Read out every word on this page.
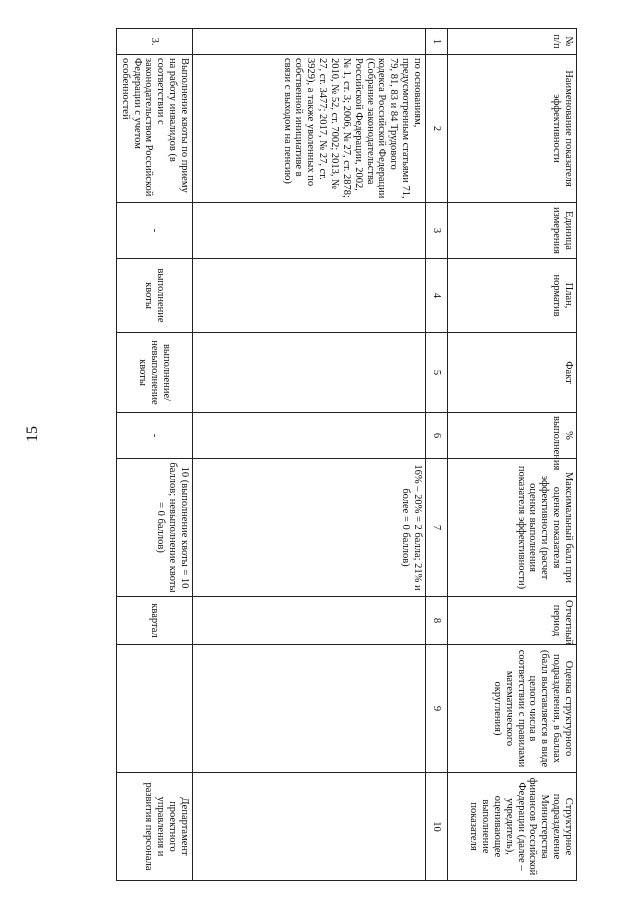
15
№ п/п	Наименование показателя эффективности	Единица измерения	План, норматив	Факт	% выполнения	Максимальный балл при оценке показателя эффективности (расчет оценки выполнения показателя эффективности)	Отчетный период	Оценка структурного подразделения, в баллах (балл выставляется в виде целого числа в соответствии с правилами математического округления)	Структурное подразделение Министерства финансов Российской Федерации (далее – учредитель), оценивающее выполнение показателя
1	2	3	4	5	6	7	8	9	10
	по основаниям, предусмотренным статьями 71, 79, 81, 83 и 84 Трудового кодекса Российской Федерации (Собрание законодательства Российской Федерации, 2002, № 1, ст. 3; 2006, № 27, ст. 2878; 2010, № 52, ст. 7002; 2013, № 27, ст. 3477; 2017, № 27, ст. 3929), а также уволенных по собственной инициативе в связи с выходом на пенсию)					16% – 20% = 2 балла; 21% и более = 0 баллов)			
3.	Выполнение квоты по приему на работу инвалидов (в соответствии с законодательством Российской Федерации с учетом особенностей	-	выполнение квоты	выполнение/ невыполнение квоты	-	10 (выполнение квоты = 10 баллов; невыполнение квоты = 0 баллов)	квартал		Департамент проектного управления и развития персонала
